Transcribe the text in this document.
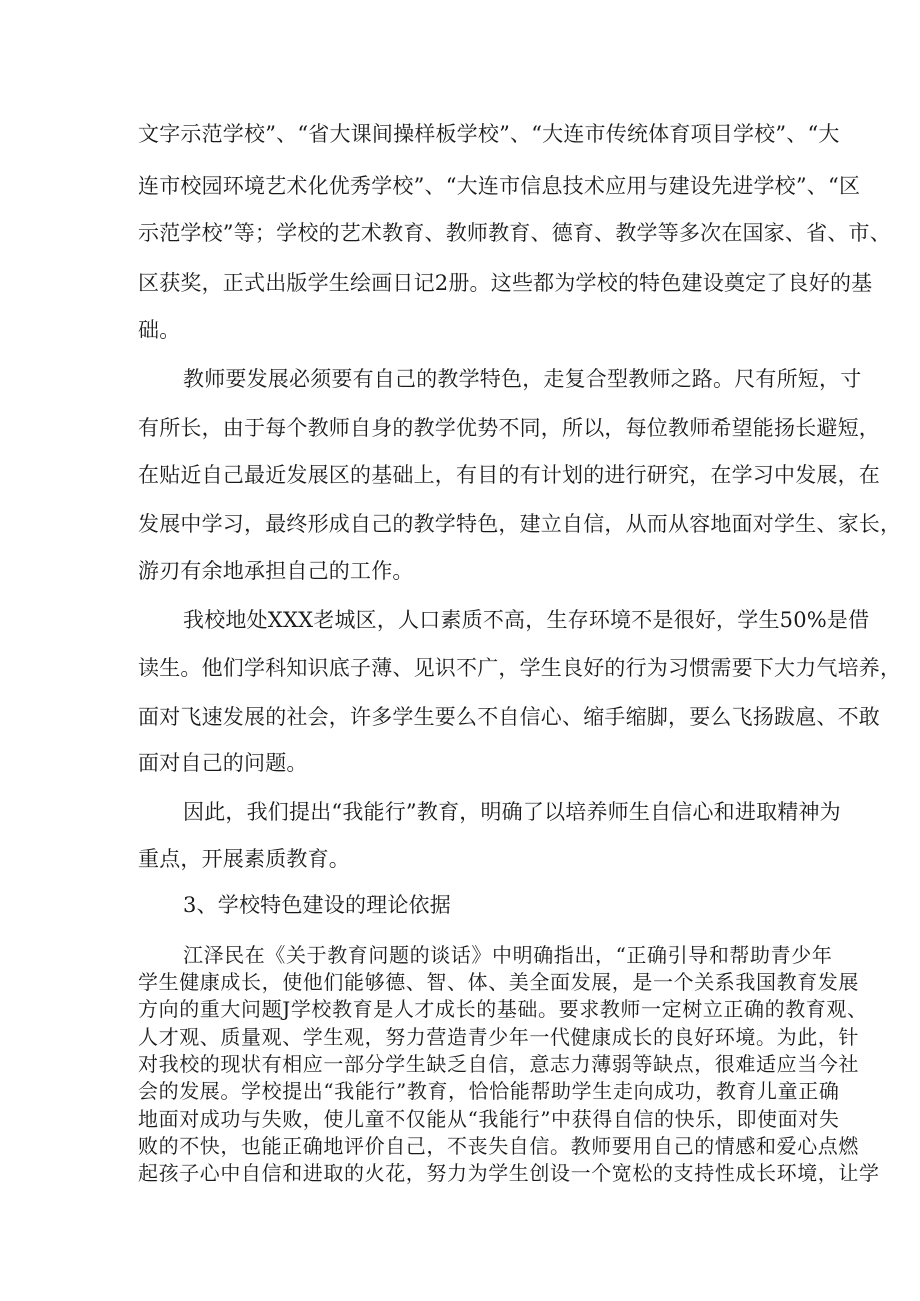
文字示范学校”、“省大课间操样板学校”、“大连市传统体育项目学校”、“大
连市校园环境艺术化优秀学校”、“大连市信息技术应用与建设先进学校”、“区
示范学校”等；学校的艺术教育、教师教育、德育、教学等多次在国家、省、市、
区获奖，正式出版学生绘画日记2册。这些都为学校的特色建设奠定了良好的基
础。
教师要发展必须要有自己的教学特色，走复合型教师之路。尺有所短，寸
有所长，由于每个教师自身的教学优势不同，所以，每位教师希望能扬长避短，
在贴近自己最近发展区的基础上，有目的有计划的进行研究，在学习中发展，在
发展中学习，最终形成自己的教学特色，建立自信，从而从容地面对学生、家长，
游刃有余地承担自己的工作。
我校地处XXX老城区，人口素质不高，生存环境不是很好，学生50%是借
读生。他们学科知识底子薄、见识不广，学生良好的行为习惯需要下大力气培养，
面对飞速发展的社会，许多学生要么不自信心、缩手缩脚，要么飞扬跋扈、不敢
面对自己的问题。
因此，我们提出“我能行”教育，明确了以培养师生自信心和进取精神为
重点，开展素质教育。
3、学校特色建设的理论依据
江泽民在《关于教育问题的谈话》中明确指出，“正确引导和帮助青少年
学生健康成长，使他们能够德、智、体、美全面发展，是一个关系我国教育发展
方向的重大问题J学校教育是人才成长的基础。要求教师一定树立正确的教育观、
人才观、质量观、学生观，努力营造青少年一代健康成长的良好环境。为此，针
对我校的现状有相应一部分学生缺乏自信，意志力薄弱等缺点，很难适应当今社
会的发展。学校提出“我能行”教育，恰恰能帮助学生走向成功，教育儿童正确
地面对成功与失败，使儿童不仅能从“我能行”中获得自信的快乐，即使面对失
败的不快，也能正确地评价自己，不丧失自信。教师要用自己的情感和爱心点燃
起孩子心中自信和进取的火花，努力为学生创设一个宽松的支持性成长环境，让学
